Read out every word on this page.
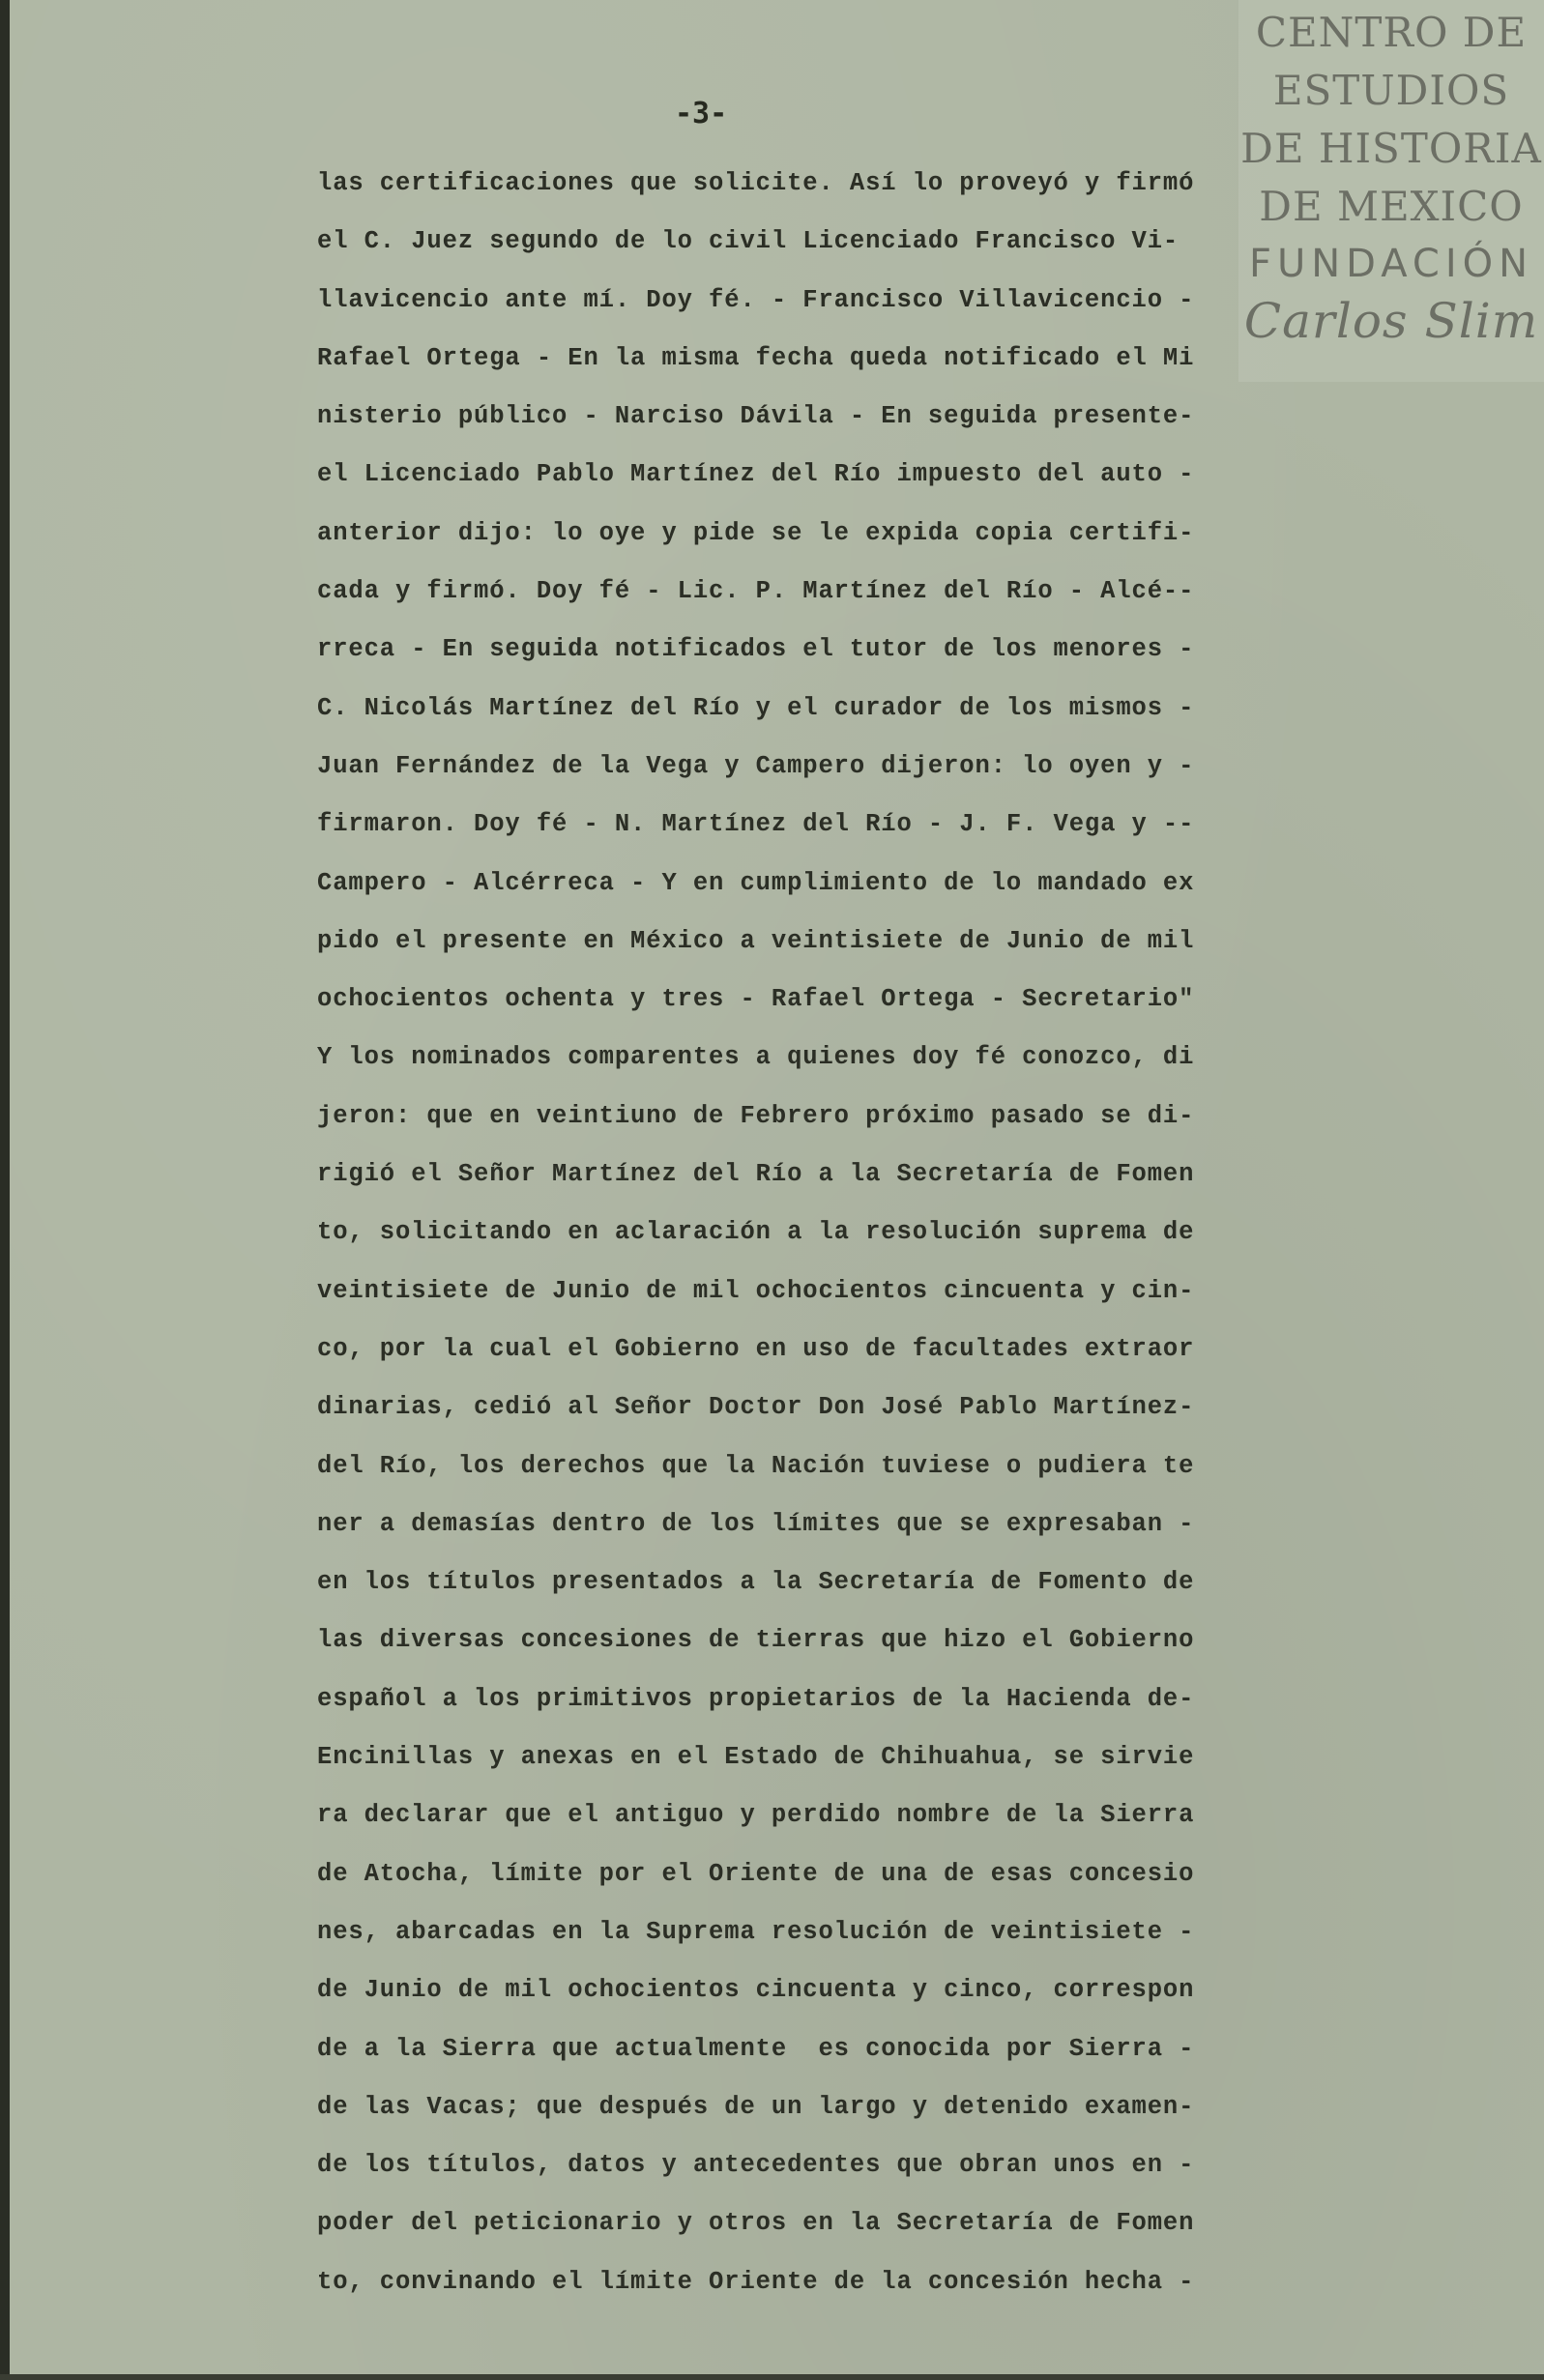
CENTRO DE
ESTUDIOS
DE HISTORIA
DE MEXICO
FUNDACIÓN
Carlos Slim
-3-
las certificaciones que solicite. Así lo proveyó y firmó
el C. Juez segundo de lo civil Licenciado Francisco Vi-
llavicencio ante mí. Doy fé. - Francisco Villavicencio -
Rafael Ortega - En la misma fecha queda notificado el Mi
nisterio público - Narciso Dávila - En seguida presente-
el Licenciado Pablo Martínez del Río impuesto del auto -
anterior dijo: lo oye y pide se le expida copia certifi-
cada y firmó. Doy fé - Lic. P. Martínez del Río - Alcé--
rreca - En seguida notificados el tutor de los menores -
C. Nicolás Martínez del Río y el curador de los mismos -
Juan Fernández de la Vega y Campero dijeron: lo oyen y -
firmaron. Doy fé - N. Martínez del Río - J. F. Vega y --
Campero - Alcérreca - Y en cumplimiento de lo mandado ex
pido el presente en México a veintisiete de Junio de mil
ochocientos ochenta y tres - Rafael Ortega - Secretario"
Y los nominados comparentes a quienes doy fé conozco, di
jeron: que en veintiuno de Febrero próximo pasado se di-
rigió el Señor Martínez del Río a la Secretaría de Fomen
to, solicitando en aclaración a la resolución suprema de
veintisiete de Junio de mil ochocientos cincuenta y cin-
co, por la cual el Gobierno en uso de facultades extraor
dinarias, cedió al Señor Doctor Don José Pablo Martínez-
del Río, los derechos que la Nación tuviese o pudiera te
ner a demasías dentro de los límites que se expresaban -
en los títulos presentados a la Secretaría de Fomento de
las diversas concesiones de tierras que hizo el Gobierno
español a los primitivos propietarios de la Hacienda de-
Encinillas y anexas en el Estado de Chihuahua, se sirvie
ra declarar que el antiguo y perdido nombre de la Sierra
de Atocha, límite por el Oriente de una de esas concesio
nes, abarcadas en la Suprema resolución de veintisiete -
de Junio de mil ochocientos cincuenta y cinco, correspon
de a la Sierra que actualmente  es conocida por Sierra -
de las Vacas; que después de un largo y detenido examen-
de los títulos, datos y antecedentes que obran unos en -
poder del peticionario y otros en la Secretaría de Fomen
to, convinando el límite Oriente de la concesión hecha -
